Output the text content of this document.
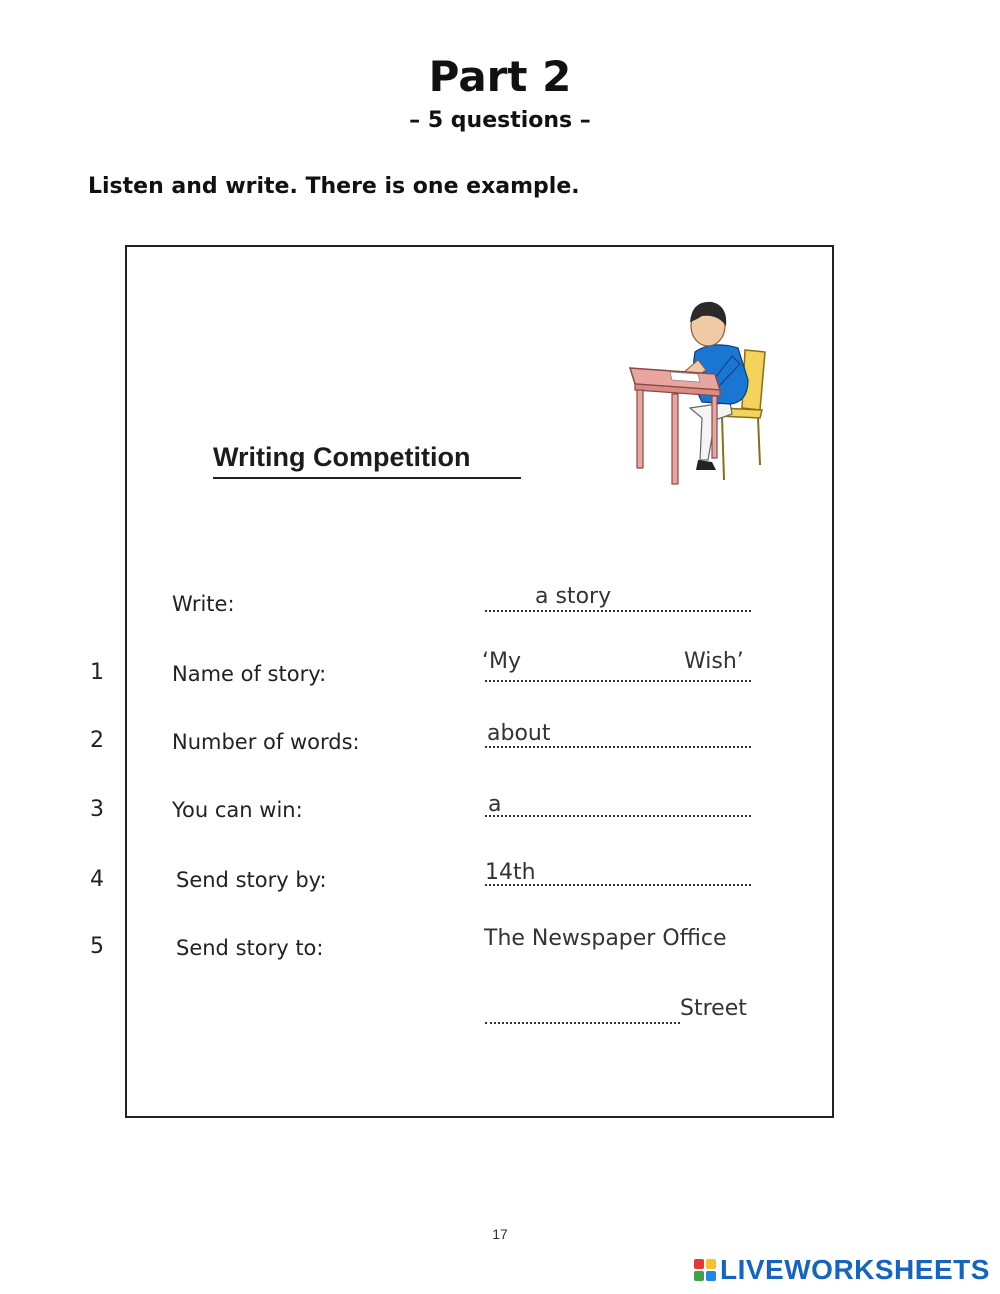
Part 2
– 5 questions –
Listen and write. There is one example.
Writing Competition
Write:	a story
1	Name of story:	‘My	Wish’
2	Number of words:	about
3	You can win:	a
4	Send story by:	14th
5	Send story to:	The Newspaper Office
Street
17
LIVEWORKSHEETS
